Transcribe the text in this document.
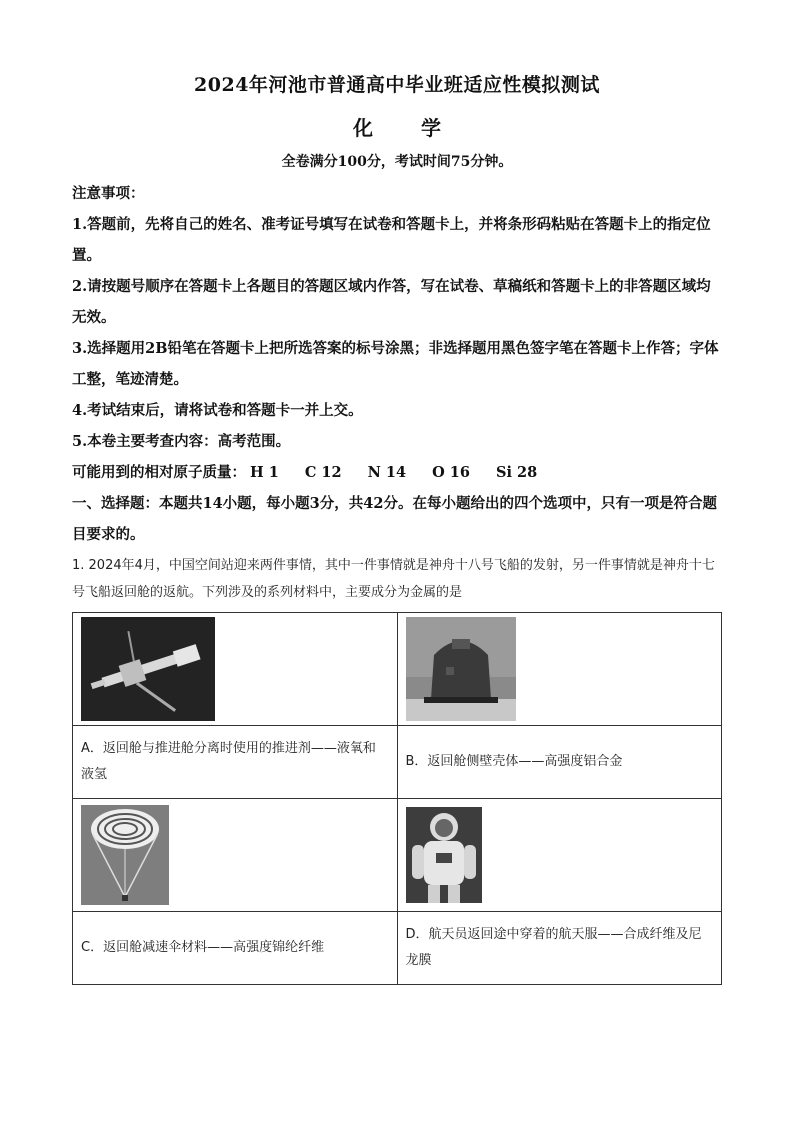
2024年河池市普通高中毕业班适应性模拟测试
化学
全卷满分100分，考试时间75分钟。
注意事项：
1.答题前，先将自己的姓名、准考证号填写在试卷和答题卡上，并将条形码粘贴在答题卡上的指定位置。
2.请按题号顺序在答题卡上各题目的答题区域内作答，写在试卷、草稿纸和答题卡上的非答题区域均无效。
3.选择题用2B铅笔在答题卡上把所选答案的标号涂黑；非选择题用黑色签字笔在答题卡上作答；字体工整，笔迹清楚。
4.考试结束后，请将试卷和答题卡一并上交。
5.本卷主要考查内容：高考范围。
可能用到的相对原子质量： H 1 C 12 N 14 O 16 Si 28
一、选择题：本题共14小题，每小题3分，共42分。在每小题给出的四个选项中，只有一项是符合题目要求的。
1. 2024年4月，中国空间站迎来两件事情，其中一件事情就是神舟十八号飞船的发射，另一件事情就是神舟十七号飞船返回舱的返航。下列涉及的系列材料中，主要成分为金属的是

A．返回舱与推进舱分离时使用的推进剂——液氧和液氢	B．返回舱侧壁壳体——高强度铝合金

C．返回舱减速伞材料——高强度锦纶纤维	D．航天员返回途中穿着的航天服——合成纤维及尼龙膜
